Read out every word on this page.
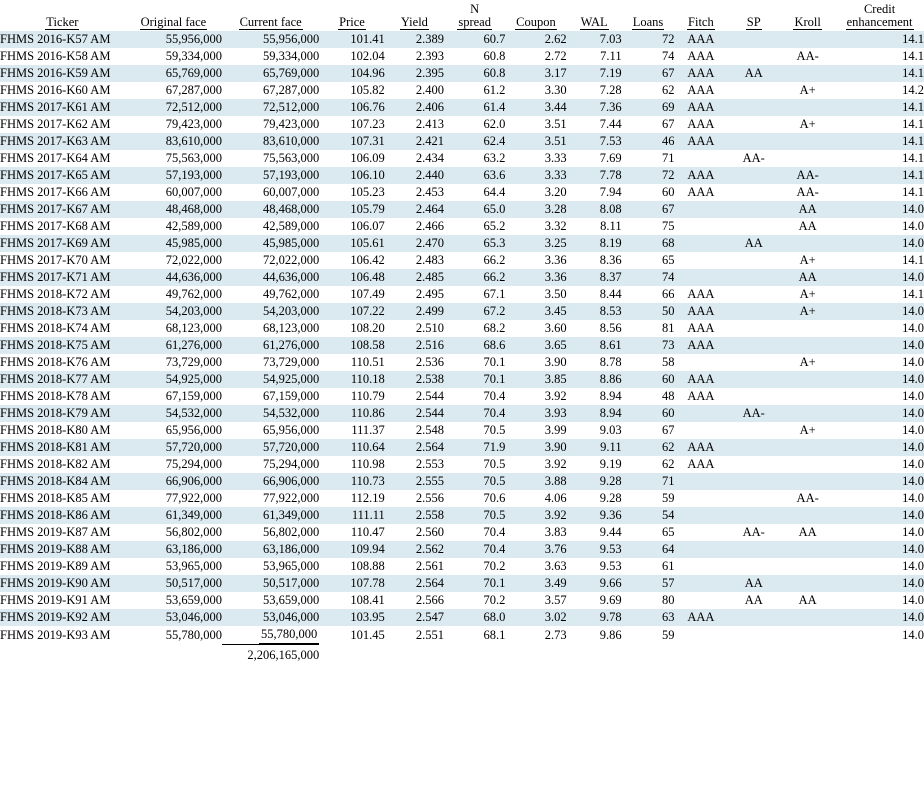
Ticker	Original face	Current face	Price	Yield	N
spread	Coupon	WAL	Loans	Fitch	SP	Kroll	Credit
enhancement

FHMS 2016-K57 AM	55,956,000	55,956,000	101.41	2.389	60.7	2.62	7.03	72	AAA			14.1
FHMS 2016-K58 AM	59,334,000	59,334,000	102.04	2.393	60.8	2.72	7.11	74	AAA		AA-	14.1
FHMS 2016-K59 AM	65,769,000	65,769,000	104.96	2.395	60.8	3.17	7.19	67	AAA	AA		14.1
FHMS 2016-K60 AM	67,287,000	67,287,000	105.82	2.400	61.2	3.30	7.28	62	AAA		A+	14.2
FHMS 2017-K61 AM	72,512,000	72,512,000	106.76	2.406	61.4	3.44	7.36	69	AAA			14.1
FHMS 2017-K62 AM	79,423,000	79,423,000	107.23	2.413	62.0	3.51	7.44	67	AAA		A+	14.1
FHMS 2017-K63 AM	83,610,000	83,610,000	107.31	2.421	62.4	3.51	7.53	46	AAA			14.1
FHMS 2017-K64 AM	75,563,000	75,563,000	106.09	2.434	63.2	3.33	7.69	71		AA-		14.1
FHMS 2017-K65 AM	57,193,000	57,193,000	106.10	2.440	63.6	3.33	7.78	72	AAA		AA-	14.1
FHMS 2017-K66 AM	60,007,000	60,007,000	105.23	2.453	64.4	3.20	7.94	60	AAA		AA-	14.1
FHMS 2017-K67 AM	48,468,000	48,468,000	105.79	2.464	65.0	3.28	8.08	67			AA	14.0
FHMS 2017-K68 AM	42,589,000	42,589,000	106.07	2.466	65.2	3.32	8.11	75			AA	14.0
FHMS 2017-K69 AM	45,985,000	45,985,000	105.61	2.470	65.3	3.25	8.19	68		AA		14.0
FHMS 2017-K70 AM	72,022,000	72,022,000	106.42	2.483	66.2	3.36	8.36	65			A+	14.1
FHMS 2017-K71 AM	44,636,000	44,636,000	106.48	2.485	66.2	3.36	8.37	74			AA	14.0
FHMS 2018-K72 AM	49,762,000	49,762,000	107.49	2.495	67.1	3.50	8.44	66	AAA		A+	14.1
FHMS 2018-K73 AM	54,203,000	54,203,000	107.22	2.499	67.2	3.45	8.53	50	AAA		A+	14.0
FHMS 2018-K74 AM	68,123,000	68,123,000	108.20	2.510	68.2	3.60	8.56	81	AAA			14.0
FHMS 2018-K75 AM	61,276,000	61,276,000	108.58	2.516	68.6	3.65	8.61	73	AAA			14.0
FHMS 2018-K76 AM	73,729,000	73,729,000	110.51	2.536	70.1	3.90	8.78	58			A+	14.0
FHMS 2018-K77 AM	54,925,000	54,925,000	110.18	2.538	70.1	3.85	8.86	60	AAA			14.0
FHMS 2018-K78 AM	67,159,000	67,159,000	110.79	2.544	70.4	3.92	8.94	48	AAA			14.0
FHMS 2018-K79 AM	54,532,000	54,532,000	110.86	2.544	70.4	3.93	8.94	60		AA-		14.0
FHMS 2018-K80 AM	65,956,000	65,956,000	111.37	2.548	70.5	3.99	9.03	67			A+	14.0
FHMS 2018-K81 AM	57,720,000	57,720,000	110.64	2.564	71.9	3.90	9.11	62	AAA			14.0
FHMS 2018-K82 AM	75,294,000	75,294,000	110.98	2.553	70.5	3.92	9.19	62	AAA			14.0
FHMS 2018-K84 AM	66,906,000	66,906,000	110.73	2.555	70.5	3.88	9.28	71				14.0
FHMS 2018-K85 AM	77,922,000	77,922,000	112.19	2.556	70.6	4.06	9.28	59			AA-	14.0
FHMS 2018-K86 AM	61,349,000	61,349,000	111.11	2.558	70.5	3.92	9.36	54				14.0
FHMS 2019-K87 AM	56,802,000	56,802,000	110.47	2.560	70.4	3.83	9.44	65		AA-	AA	14.0
FHMS 2019-K88 AM	63,186,000	63,186,000	109.94	2.562	70.4	3.76	9.53	64				14.0
FHMS 2019-K89 AM	53,965,000	53,965,000	108.88	2.561	70.2	3.63	9.53	61				14.0
FHMS 2019-K90 AM	50,517,000	50,517,000	107.78	2.564	70.1	3.49	9.66	57		AA		14.0
FHMS 2019-K91 AM	53,659,000	53,659,000	108.41	2.566	70.2	3.57	9.69	80		AA	AA	14.0
FHMS 2019-K92 AM	53,046,000	53,046,000	103.95	2.547	68.0	3.02	9.78	63	AAA			14.0
FHMS 2019-K93 AM	55,780,000	55,780,000	101.45	2.551	68.1	2.73	9.86	59				14.0
		2,206,165,000										
